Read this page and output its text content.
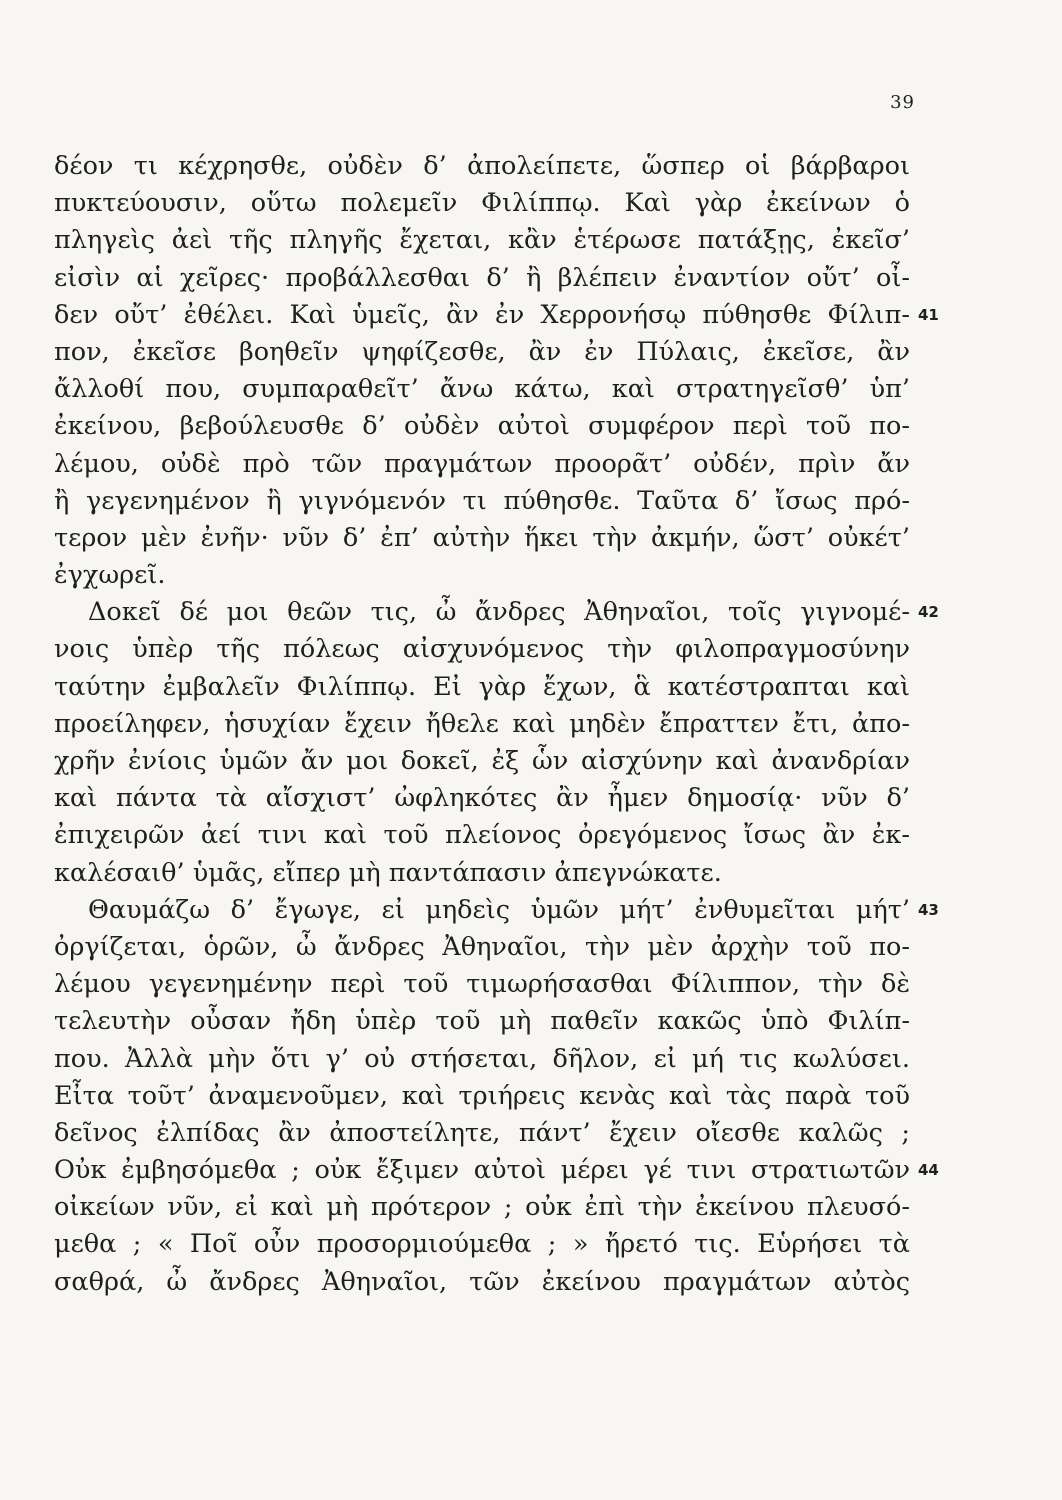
39
δέον τι κέχρησθε, οὐδὲν δ’ ἀπολείπετε, ὥσπερ οἱ βάρβαροι
πυκτεύουσιν, οὕτω πολεμεῖν Φιλίππῳ. Καὶ γὰρ ἐκείνων ὁ
πληγεὶς ἀεὶ τῆς πληγῆς ἔχεται, κἂν ἑτέρωσε πατάξῃς, ἐκεῖσ’
εἰσὶν αἱ χεῖρες· προβάλλεσθαι δ’ ἢ βλέπειν ἐναντίον οὔτ’ οἶ-
δεν οὔτ’ ἐθέλει. Καὶ ὑμεῖς, ἂν ἐν Χερρονήσῳ πύθησθε Φίλιπ- 41
πον, ἐκεῖσε βοηθεῖν ψηφίζεσθε, ἂν ἐν Πύλαις, ἐκεῖσε, ἂν
ἄλλοθί που, συμπαραθεῖτ’ ἄνω κάτω, καὶ στρατηγεῖσθ’ ὑπ’
ἐκείνου, βεβούλευσθε δ’ οὐδὲν αὐτοὶ συμφέρον περὶ τοῦ πο-
λέμου, οὐδὲ πρὸ τῶν πραγμάτων προορᾶτ’ οὐδέν, πρὶν ἄν
ἢ γεγενημένον ἢ γιγνόμενόν τι πύθησθε. Ταῦτα δ’ ἴσως πρό-
τερον μὲν ἐνῆν· νῦν δ’ ἐπ’ αὐτὴν ἥκει τὴν ἀκμήν, ὥστ’ οὐκέτ’
ἐγχωρεῖ.
Δοκεῖ δέ μοι θεῶν τις, ὦ ἄνδρες Ἀθηναῖοι, τοῖς γιγνομέ- 42
νοις ὑπὲρ τῆς πόλεως αἰσχυνόμενος τὴν φιλοπραγμοσύνην
ταύτην ἐμβαλεῖν Φιλίππῳ. Εἰ γὰρ ἔχων, ἃ κατέστραπται καὶ
προείληφεν, ἡσυχίαν ἔχειν ἤθελε καὶ μηδὲν ἔπραττεν ἔτι, ἀπο-
χρῆν ἐνίοις ὑμῶν ἄν μοι δοκεῖ, ἐξ ὧν αἰσχύνην καὶ ἀνανδρίαν
καὶ πάντα τὰ αἴσχιστ’ ὠφληκότες ἂν ἦμεν δημοσίᾳ· νῦν δ’
ἐπιχειρῶν ἀεί τινι καὶ τοῦ πλείονος ὀρεγόμενος ἴσως ἂν ἐκ-
καλέσαιθ’ ὑμᾶς, εἴπερ μὴ παντάπασιν ἀπεγνώκατε.
Θαυμάζω δ’ ἔγωγε, εἰ μηδεὶς ὑμῶν μήτ’ ἐνθυμεῖται μήτ’ 43
ὀργίζεται, ὁρῶν, ὦ ἄνδρες Ἀθηναῖοι, τὴν μὲν ἀρχὴν τοῦ πο-
λέμου γεγενημένην περὶ τοῦ τιμωρήσασθαι Φίλιππον, τὴν δὲ
τελευτὴν οὖσαν ἤδη ὑπὲρ τοῦ μὴ παθεῖν κακῶς ὑπὸ Φιλίπ-
που. Ἀλλὰ μὴν ὅτι γ’ οὐ στήσεται, δῆλον, εἰ μή τις κωλύσει.
Εἶτα τοῦτ’ ἀναμενοῦμεν, καὶ τριήρεις κενὰς καὶ τὰς παρὰ τοῦ
δεῖνος ἐλπίδας ἂν ἀποστείλητε, πάντ’ ἔχειν οἴεσθε καλῶς ;
Οὐκ ἐμβησόμεθα ; οὐκ ἔξιμεν αὐτοὶ μέρει γέ τινι στρατιωτῶν 44
οἰκείων νῦν, εἰ καὶ μὴ πρότερον ; οὐκ ἐπὶ τὴν ἐκείνου πλευσό-
μεθα ; « Ποῖ οὖν προσορμιούμεθα ; » ἤρετό τις. Εὑρήσει τὰ
σαθρά, ὦ ἄνδρες Ἀθηναῖοι, τῶν ἐκείνου πραγμάτων αὐτὸς
